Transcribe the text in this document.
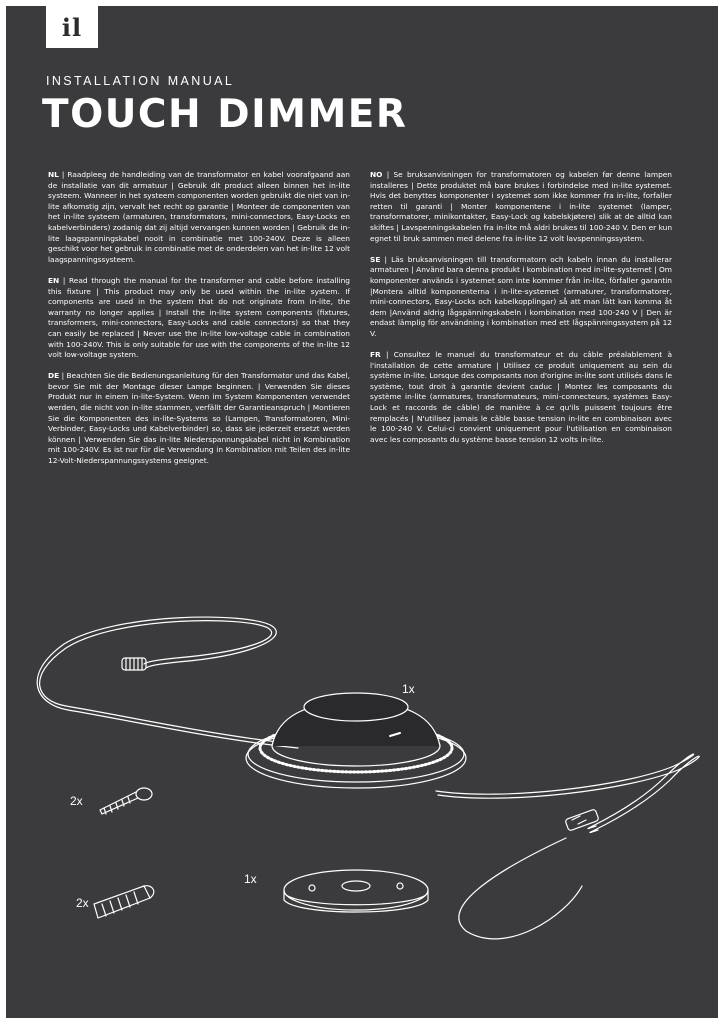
il
INSTALLATION MANUAL
TOUCH DIMMER

NL | Raadpleeg de handleiding van de transformator en kabel voorafgaand aan de installatie van dit armatuur | Gebruik dit product alleen binnen het in-lite systeem. Wanneer in het systeem componenten worden gebruikt die niet van in-lite afkomstig zijn, vervalt het recht op garantie | Monteer de componenten van het in-lite systeem (armaturen, transformators, mini-connectors, Easy-Locks en kabelverbinders) zodanig dat zij altijd vervangen kunnen worden | Gebruik de in-lite laagspanningskabel nooit in combinatie met 100-240V. Deze is alleen geschikt voor het gebruik in combinatie met de onderdelen van het in-lite 12 volt laagspanningssysteem.

EN | Read through the manual for the transformer and cable before installing this fixture | This product may only be used within the in-lite system. If components are used in the system that do not originate from in-lite, the warranty no longer applies | Install the in-lite system components (fixtures, transformers, mini-connectors, Easy-Locks and cable connectors) so that they can easily be replaced | Never use the in-lite low-voltage cable in combination with 100-240V. This is only suitable for use with the components of the in-lite 12 volt low-voltage system.

DE | Beachten Sie die Bedienungsanleitung für den Transformator und das Kabel, bevor Sie mit der Montage dieser Lampe beginnen. | Verwenden Sie dieses Produkt nur in einem in-lite-System. Wenn im System Komponenten verwendet werden, die nicht von in-lite stammen, verfällt der Garantieanspruch | Montieren Sie die Komponenten des in-lite-Systems so (Lampen, Transformatoren, Mini-Verbinder, Easy-Locks und Kabelverbinder) so, dass sie jederzeit ersetzt werden können | Verwenden Sie das in-lite Niederspannungskabel nicht in Kombination mit 100-240V. Es ist nur für die Verwendung in Kombination mit Teilen des in-lite 12-Volt-Niederspannungssystems geeignet.

NO | Se bruksanvisningen for transformatoren og kabelen før denne lampen installeres | Dette produktet må bare brukes i forbindelse med in-lite systemet. Hvis det benyttes komponenter i systemet som ikke kommer fra in-lite, forfaller retten til garanti | Monter komponentene i in-lite systemet (lamper, transformatorer, minikontakter, Easy-Lock og kabelskjøtere) slik at de alltid kan skiftes | Lavspenningskabelen fra in-lite må aldri brukes til 100-240 V. Den er kun egnet til bruk sammen med delene fra in-lite 12 volt lavspenningssystem.

SE | Läs bruksanvisningen till transformatorn och kabeln innan du installerar armaturen | Använd bara denna produkt i kombination med in-lite-systemet | Om komponenter används i systemet som inte kommer från in-lite, förfaller garantin |Montera alltid komponenterna i in-lite-systemet (armaturer, transformatorer, mini-connectors, Easy-Locks och kabelkopplingar) så att man lätt kan komma åt dem |Använd aldrig lågspänningskabeln i kombination med 100-240 V | Den är endast lämplig för användning i kombination med ett lågspänningssystem på 12 V.

FR | Consultez le manuel du transformateur et du câble préalablement à l'installation de cette armature | Utilisez ce produit uniquement au sein du système in-lite. Lorsque des composants non d'origine in-lite sont utilisés dans le système, tout droit à garantie devient caduc | Montez les composants du système in-lite (armatures, transformateurs, mini-connecteurs, systèmes Easy-Lock et raccords de câble) de manière à ce qu'ils puissent toujours être remplacés | N'utilisez jamais le câble basse tension in-lite en combinaison avec le 100-240 V. Celui-ci convient uniquement pour l'utilisation en combinaison avec les composants du système basse tension 12 volts in-lite.

1x
2x
1x
2x
